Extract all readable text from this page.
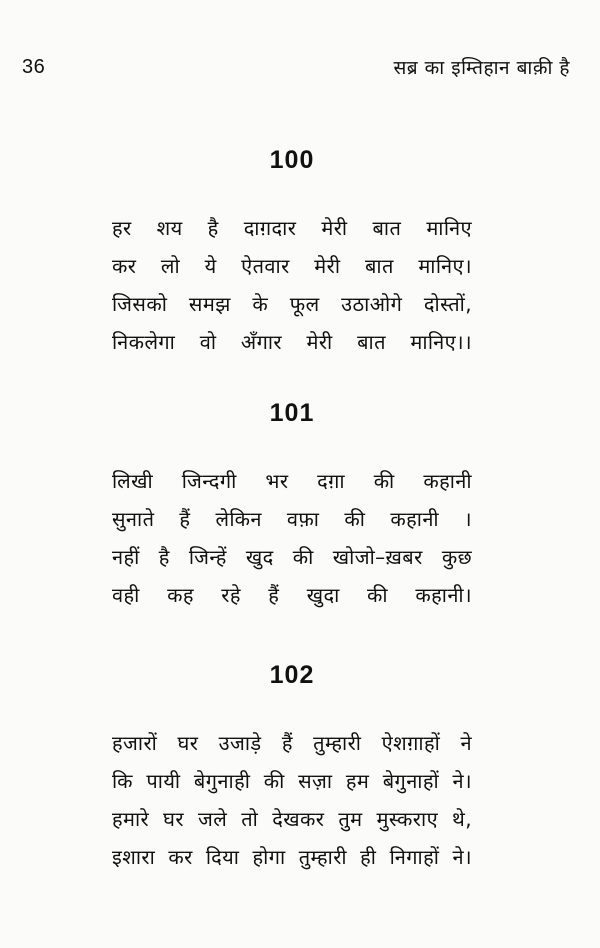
36	सब्र का इम्तिहान बाक़ी है
100
हर शय है दाग़दार मेरी बात मानिए
कर लो ये ऐतवार मेरी बात मानिए।
जिसको समझ के फूल उठाओगे दोस्तों,
निकलेगा वो अँगार मेरी बात मानिए।।
101
लिखी जिन्दगी भर दग़ा की कहानी
सुनाते हैं लेकिन वफ़ा की कहानी ।
नहीं है जिन्हें खुद की खोजो–ख़बर कुछ
वही कह रहे हैं खुदा की कहानी।
102
हजारों घर उजाड़े हैं तुम्हारी ऐशग़ाहों ने
कि पायी बेगुनाही की सज़ा हम बेगुनाहों ने।
हमारे घर जले तो देखकर तुम मुस्कराए थे,
इशारा कर दिया होगा तुम्हारी ही निगाहों ने।
